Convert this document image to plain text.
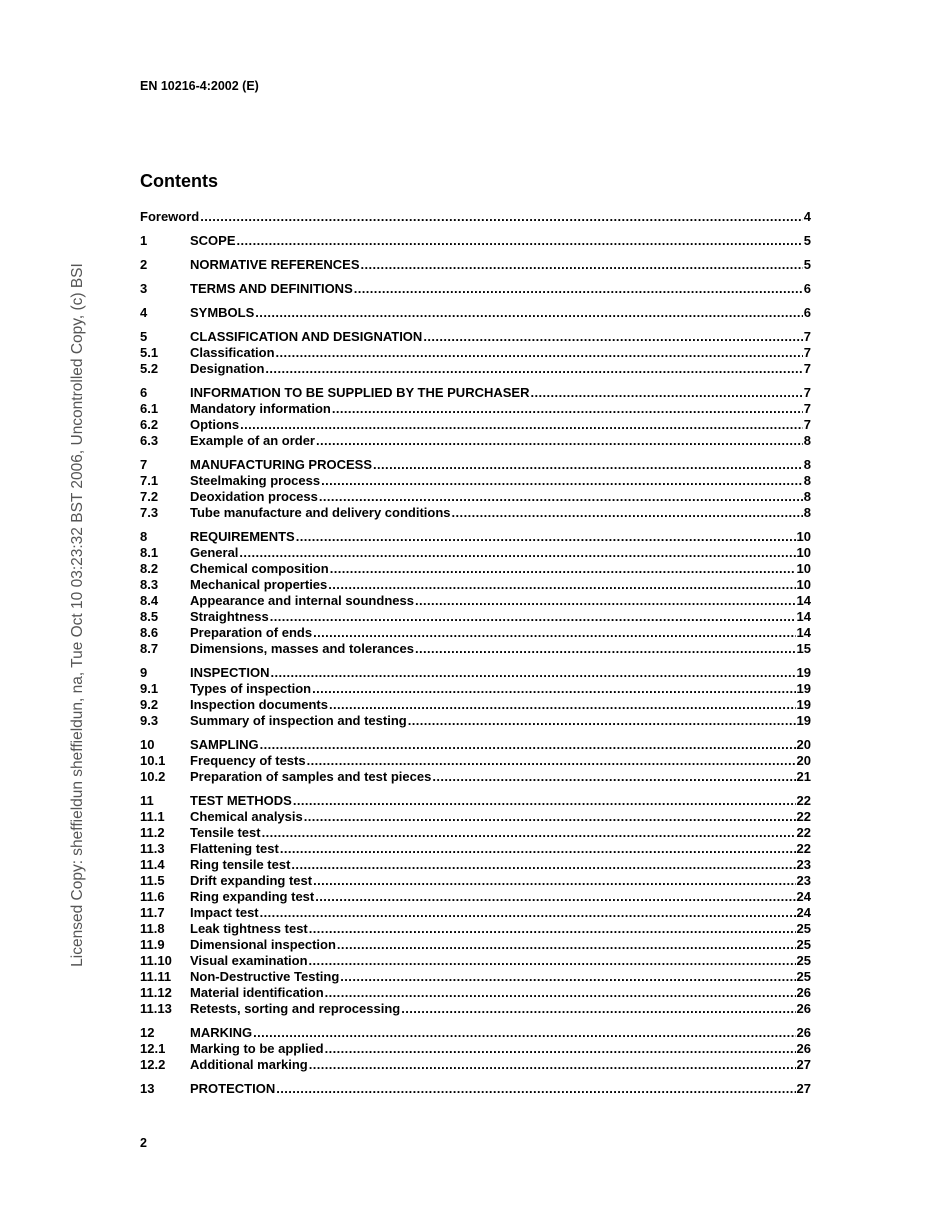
EN 10216-4:2002 (E)
Contents
Licensed Copy: sheffieldun sheffieldun, na, Tue Oct 10 03:23:32 BST 2006, Uncontrolled Copy, (c) BSI
Foreword .....	4
1	SCOPE .....	5
2	NORMATIVE REFERENCES .....	5
3	TERMS AND DEFINITIONS .....	6
4	SYMBOLS .....	6
5	CLASSIFICATION AND DESIGNATION .....	7
5.1	Classification .....	7
5.2	Designation .....	7
6	INFORMATION TO BE SUPPLIED BY THE PURCHASER .....	7
6.1	Mandatory information .....	7
6.2	Options .....	7
6.3	Example of an order .....	8
7	MANUFACTURING PROCESS .....	8
7.1	Steelmaking process .....	8
7.2	Deoxidation process .....	8
7.3	Tube manufacture and delivery conditions .....	8
8	REQUIREMENTS .....	10
8.1	General .....	10
8.2	Chemical composition .....	10
8.3	Mechanical properties .....	10
8.4	Appearance and internal soundness .....	14
8.5	Straightness .....	14
8.6	Preparation of ends .....	14
8.7	Dimensions, masses and tolerances .....	15
9	INSPECTION .....	19
9.1	Types of inspection .....	19
9.2	Inspection documents .....	19
9.3	Summary of inspection and testing .....	19
10	SAMPLING .....	20
10.1	Frequency of tests .....	20
10.2	Preparation of samples and test pieces .....	21
11	TEST METHODS .....	22
11.1	Chemical analysis .....	22
11.2	Tensile test .....	22
11.3	Flattening test .....	22
11.4	Ring tensile test .....	23
11.5	Drift expanding test .....	23
11.6	Ring expanding test .....	24
11.7	Impact test .....	24
11.8	Leak tightness test .....	25
11.9	Dimensional inspection .....	25
11.10	Visual examination .....	25
11.11	Non-Destructive Testing .....	25
11.12	Material identification .....	26
11.13	Retests, sorting and reprocessing .....	26
12	MARKING .....	26
12.1	Marking to be applied .....	26
12.2	Additional marking .....	27
13	PROTECTION .....	27
2
